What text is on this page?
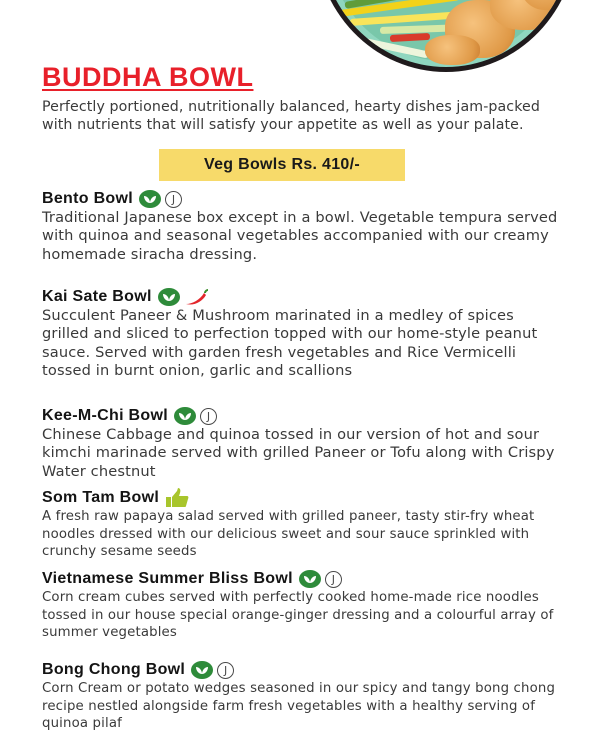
BUDDHA BOWL
Perfectly portioned, nutritionally balanced, hearty dishes jam-packed with nutrients that will satisfy your appetite as well as your palate.
Veg Bowls Rs. 410/-
Bento Bowl	J
Traditional Japanese box except in a bowl. Vegetable tempura served with quinoa and seasonal vegetables accompanied with our creamy homemade siracha dressing.
Kai Sate Bowl
Succulent Paneer & Mushroom marinated in a medley of spices grilled and sliced to perfection topped with our home-style peanut sauce. Served with garden fresh vegetables and Rice Vermicelli tossed in burnt onion, garlic and scallions
Kee-M-Chi Bowl	J
Chinese Cabbage and quinoa tossed in our version of hot and sour kimchi marinade served with grilled Paneer or Tofu along with Crispy Water chestnut
Som Tam Bowl
A fresh raw papaya salad served with grilled paneer, tasty stir-fry wheat noodles dressed with our delicious sweet and sour sauce sprinkled with crunchy sesame seeds
Vietnamese Summer Bliss Bowl	J
Corn cream cubes served with perfectly cooked home-made rice noodles tossed in our house special orange-ginger dressing and a colourful array of summer vegetables
Bong Chong Bowl	J
Corn Cream or potato wedges seasoned in our spicy and tangy bong chong recipe nestled alongside farm fresh vegetables with a healthy serving of quinoa pilaf
